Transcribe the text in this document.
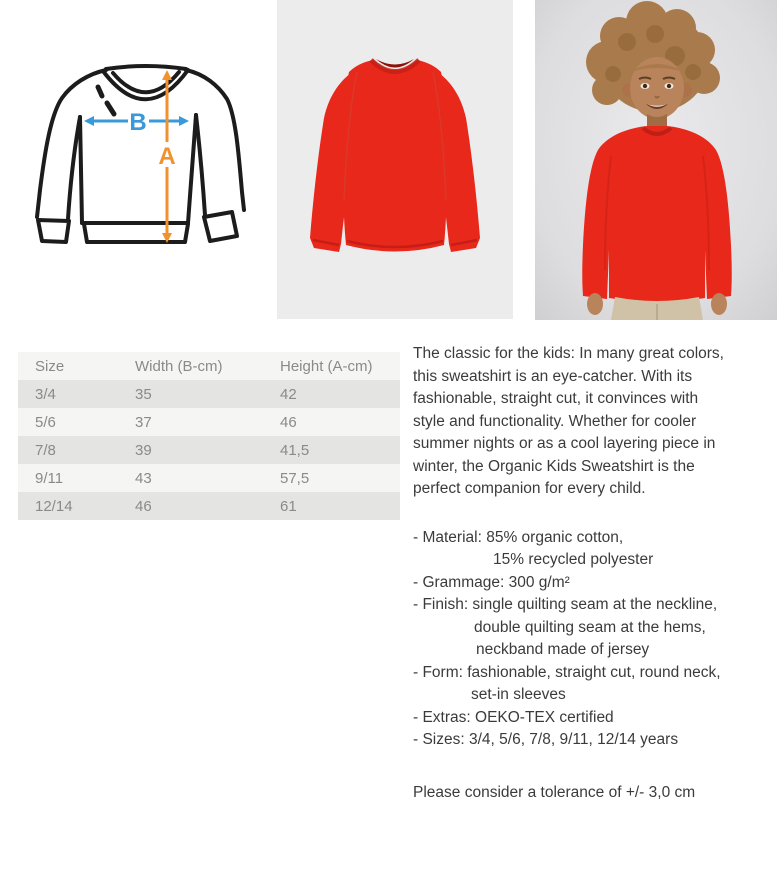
B
A
Size	Width (B-cm)	Height (A-cm)
3/4	35	42
5/6	37	46
7/8	39	41,5
9/11	43	57,5
12/14	46	61
The classic for the kids: In many great colors,
this sweatshirt is an eye-catcher. With its
fashionable, straight cut, it convinces with
style and functionality. Whether for cooler
summer nights or as a cool layering piece in
winter, the Organic Kids Sweatshirt is the
perfect companion for every child.
- Material: 85% organic cotton,
15% recycled polyester
- Grammage: 300 g/m²
- Finish: single quilting seam at the neckline,
double quilting seam at the hems,
neckband made of jersey
- Form: fashionable, straight cut, round neck,
set-in sleeves
- Extras: OEKO-TEX certified
- Sizes: 3/4, 5/6, 7/8, 9/11, 12/14 years
Please consider a tolerance of +/- 3,0 cm
